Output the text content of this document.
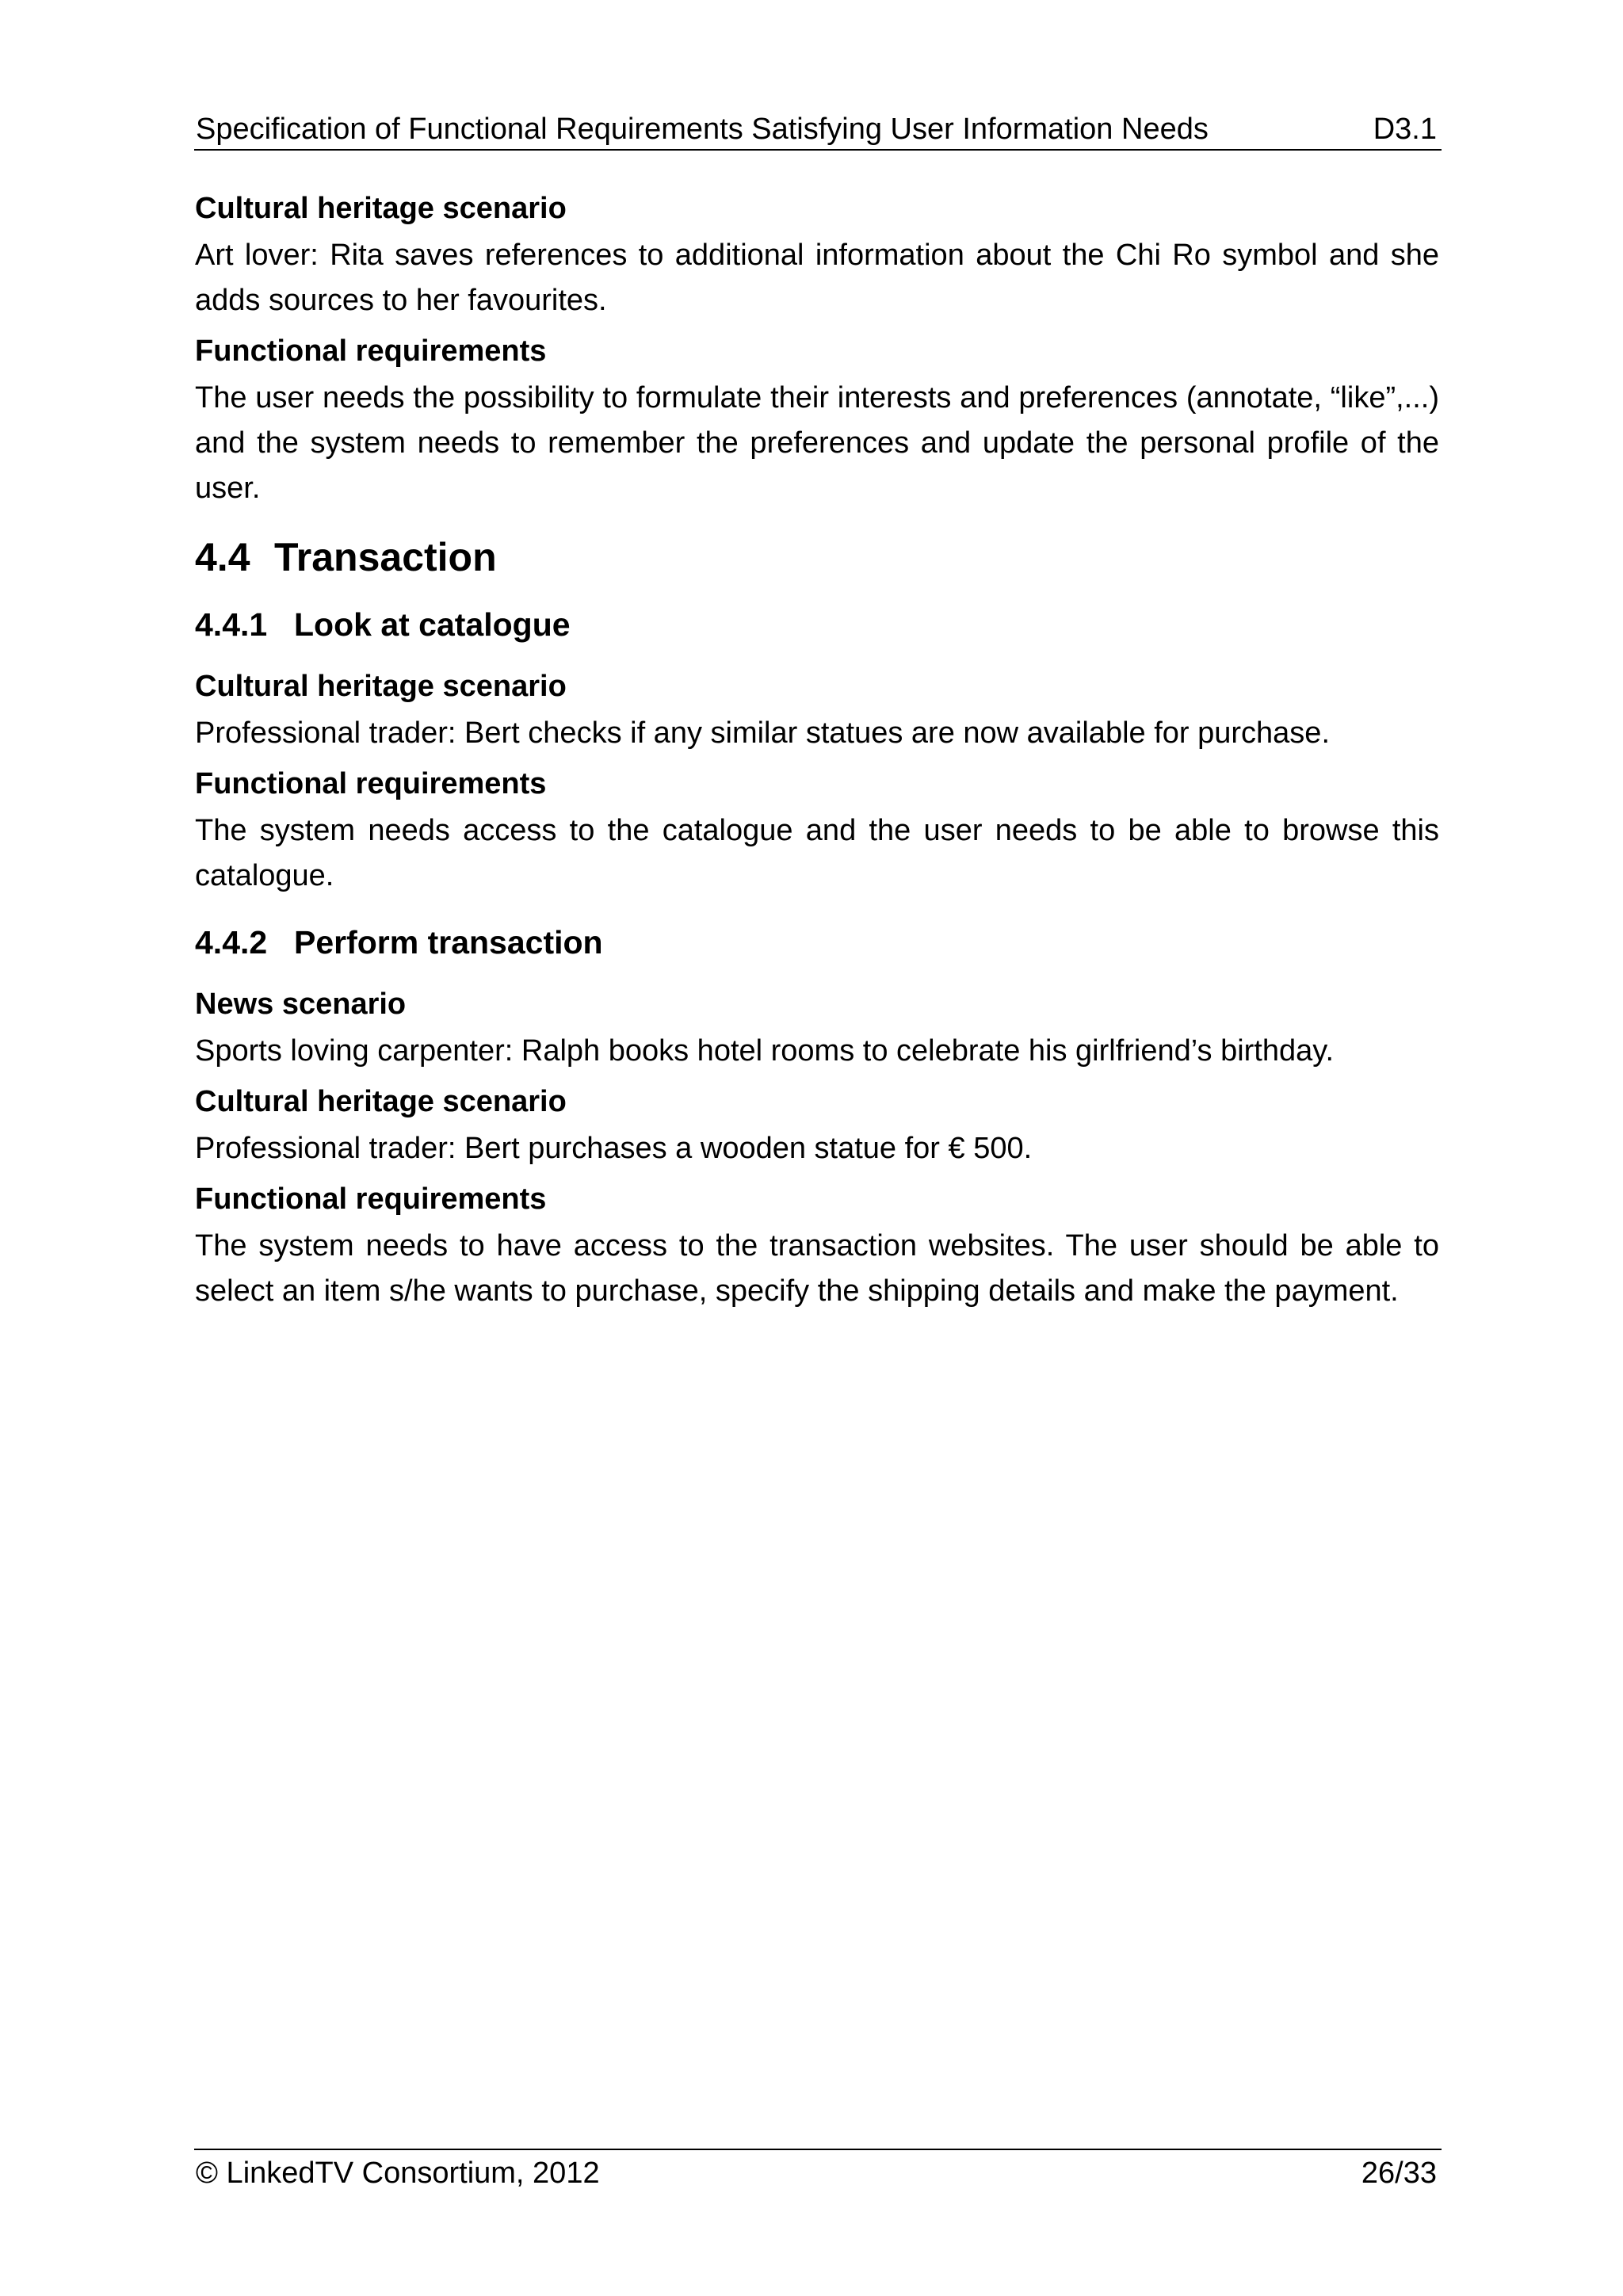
Specification of Functional Requirements Satisfying User Information Needs	D3.1
Cultural heritage scenario
Art lover: Rita saves references to additional information about the Chi Ro symbol and she adds sources to her favourites.
Functional requirements
The user needs the possibility to formulate their interests and preferences (annotate, “like”,...) and the system needs to remember the preferences and update the personal profile of the user.
4.4 Transaction
4.4.1 Look at catalogue
Cultural heritage scenario
Professional trader: Bert checks if any similar statues are now available for purchase.
Functional requirements
The system needs access to the catalogue and the user needs to be able to browse this catalogue.
4.4.2 Perform transaction
News scenario
Sports loving carpenter: Ralph books hotel rooms to celebrate his girlfriend’s birthday.
Cultural heritage scenario
Professional trader: Bert purchases a wooden statue for € 500.
Functional requirements
The system needs to have access to the transaction websites. The user should be able to select an item s/he wants to purchase, specify the shipping details and make the payment.
© LinkedTV Consortium, 2012	26/33
